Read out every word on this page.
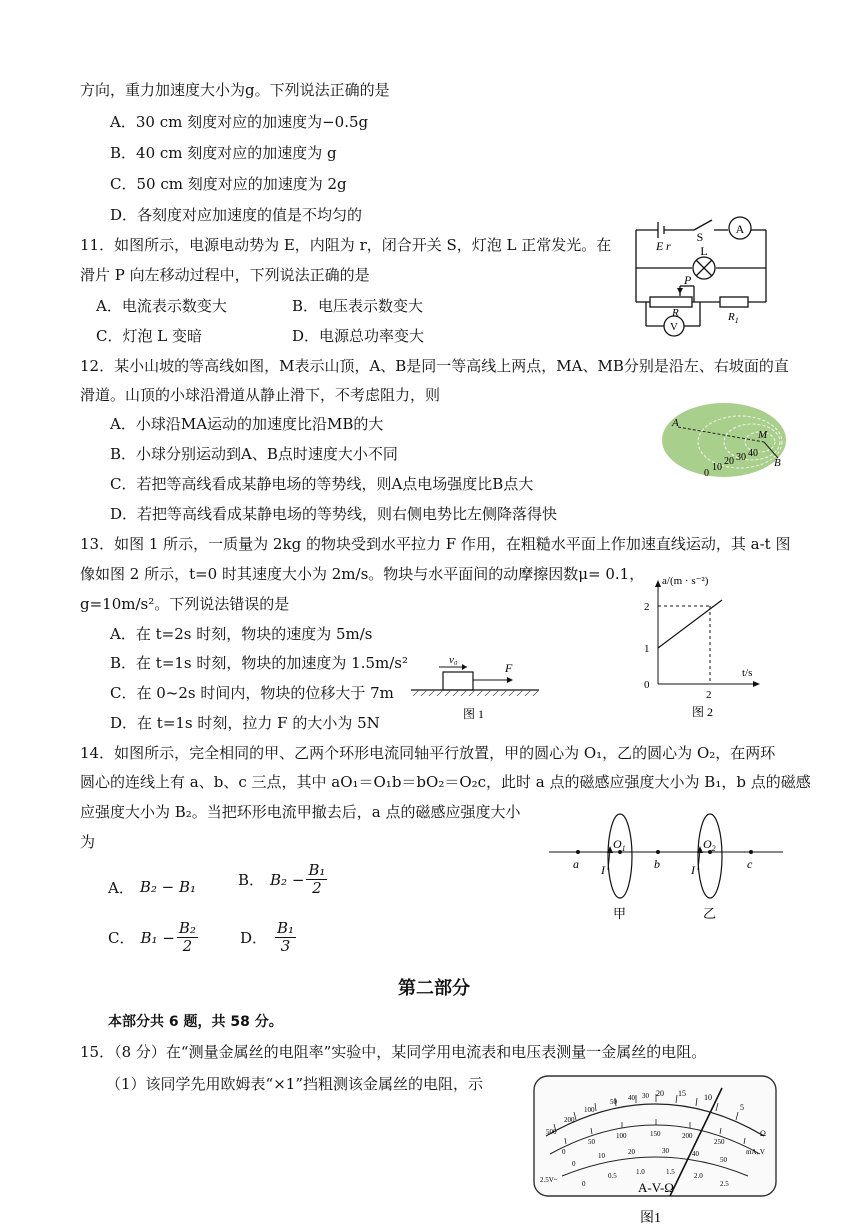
方向，重力加速度大小为g。下列说法正确的是
A．30 cm 刻度对应的加速度为−0.5g
B．40 cm 刻度对应的加速度为 g
C．50 cm 刻度对应的加速度为 2g
D．各刻度对应加速度的值是不均匀的
11．如图所示，电源电动势为 E，内阻为 r，闭合开关 S，灯泡 L 正常发光。在
滑片 P 向左移动过程中，下列说法正确的是
A．电流表示数变大	B．电压表示数变大
C．灯泡 L 变暗	D．电源总功率变大
A
S
L
E r
P
R	$R_1$
V
12．某小山坡的等高线如图，M表示山顶，A、B是同一等高线上两点，MA、MB分别是沿左、右坡面的直
滑道。山顶的小球沿滑道从静止滑下，不考虑阻力，则
A．小球沿MA运动的加速度比沿MB的大
B．小球分别运动到A、B点时速度大小不同
C．若把等高线看成某静电场的等势线，则A点电场强度比B点大
D．若把等高线看成某静电场的等势线，则右侧电势比左侧降落得快
A
M
B
0
10
20 30 40
13．如图 1 所示，一质量为 2kg 的物块受到水平拉力 F 作用，在粗糙水平面上作加速直线运动，其 a-t 图
像如图 2 所示，t=0 时其速度大小为 2m/s。物块与水平面间的动摩擦因数μ= 0.1，
g=10m/s²。下列说法错误的是
A．在 t=2s 时刻，物块的速度为 5m/s
B．在 t=1s 时刻，物块的加速度为 1.5m/s²
C．在 0~2s 时间内，物块的位移大于 7m
D．在 t=1s 时刻，拉力 F 的大小为 5N
v₀
F
图 1
a/(m · s⁻²)
t/s
2
1
0
2
图 2
14．如图所示，完全相同的甲、乙两个环形电流同轴平行放置，甲的圆心为 O₁，乙的圆心为 O₂，在两环
圆心的连线上有 a、b、c 三点，其中 aO₁＝O₁b＝bO₂＝O₂c，此时 a 点的磁感应强度大小为 B₁，b 点的磁感
应强度大小为 B₂。当把环形电流甲撤去后，a 点的磁感应强度大小
为
A． B₂ − B₁	B． $B_2 - \frac{\text{B₁}}{2}$
C． $B_1 - \frac{\text{B₂}}{2}$	D． $\frac{\text{B₁}}{3}$
a	b	c
$O_1$	$O_2$
I	I
甲	乙
第二部分
本部分共 6 题，共 58 分。
15．（8 分）在“测量金属丝的电阻率”实验中，某同学用电流表和电压表测量一金属丝的电阻。
（1）该同学先用欧姆表“×1”挡粗测该金属丝的电阻，示
500
200
100
50 40 30 20 15 10
5
Ω
0
50
100	150	200
250
0
10	20	30	40
50
0
0.5	1.0	1.5	2.0
2.5
mA, V
2.5V~	A-V-Ω
图1
